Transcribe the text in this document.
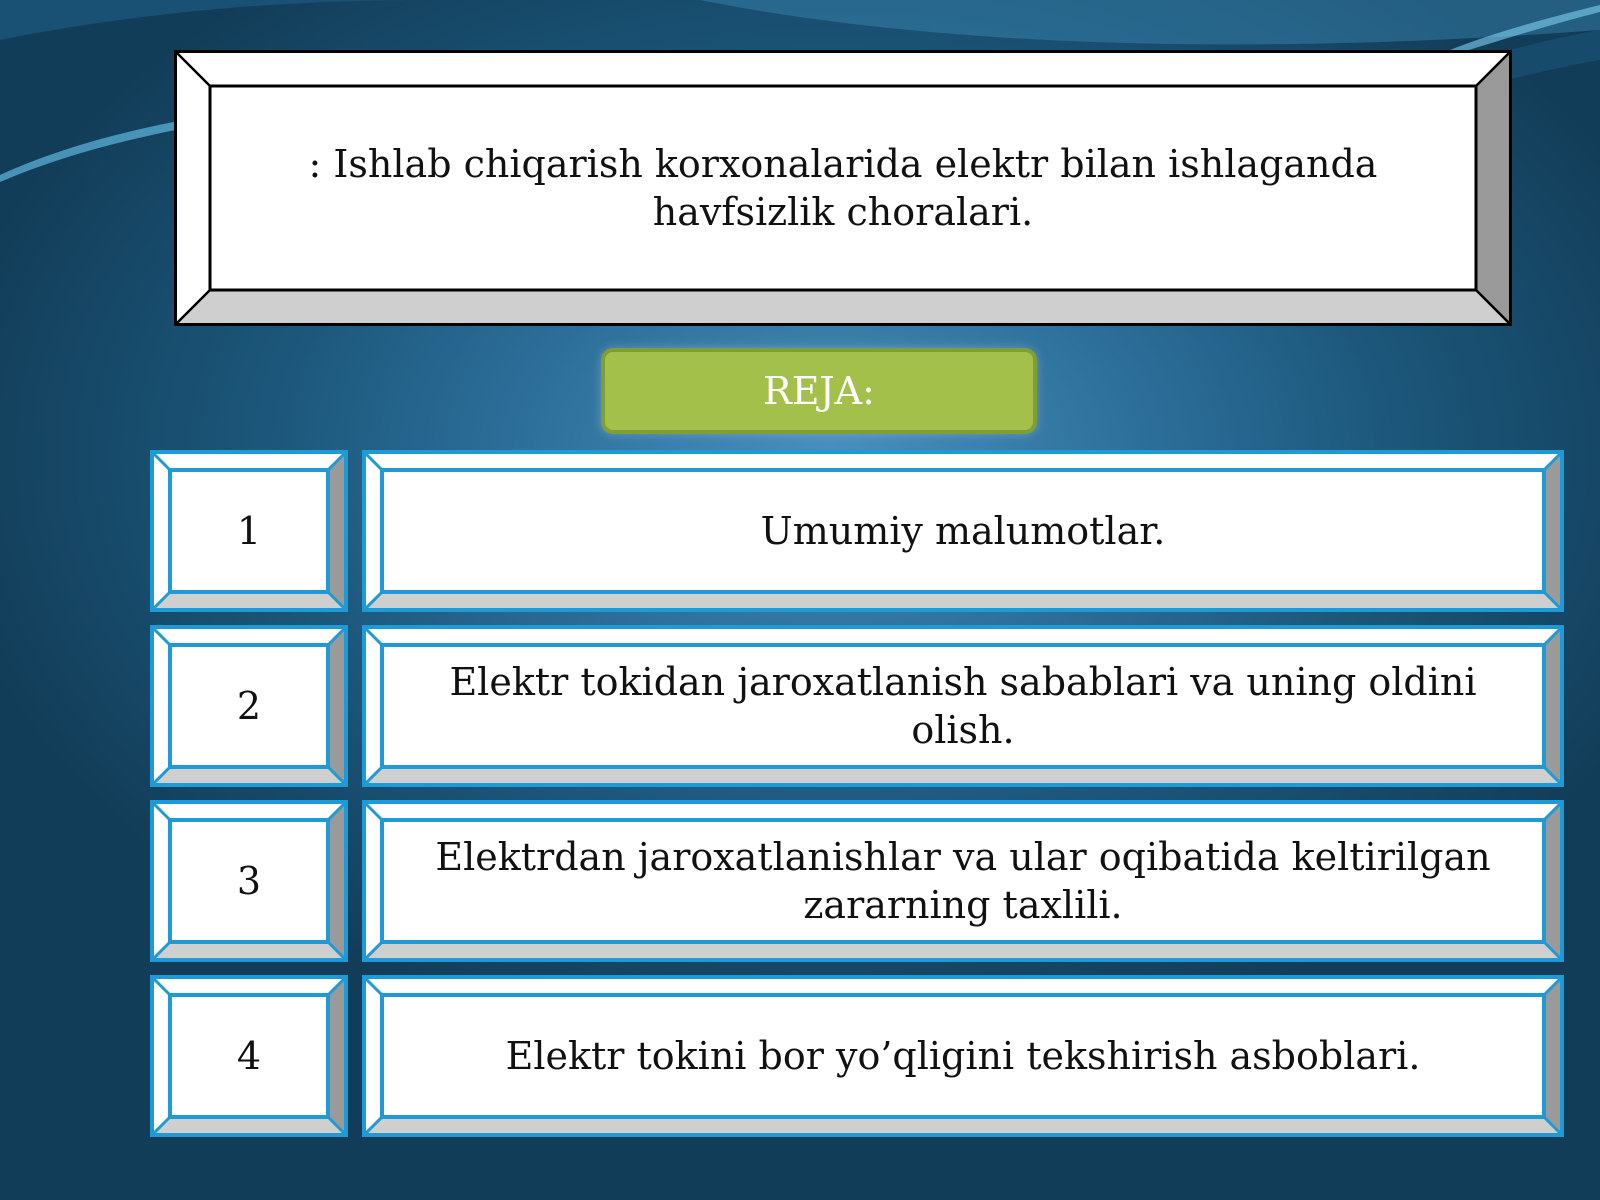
: Ishlab chiqarish korxonalarida elektr bilan ishlaganda havfsizlik choralari.
REJA:
1	Umumiy malumotlar.
2
Elektr tokidan jaroxatlanish sabablari va uning oldini olish.
3
Elektrdan jaroxatlanishlar va ular oqibatida keltirilgan zararning taxlili.
4	Elektr tokini bor yo’qligini tekshirish asboblari.
